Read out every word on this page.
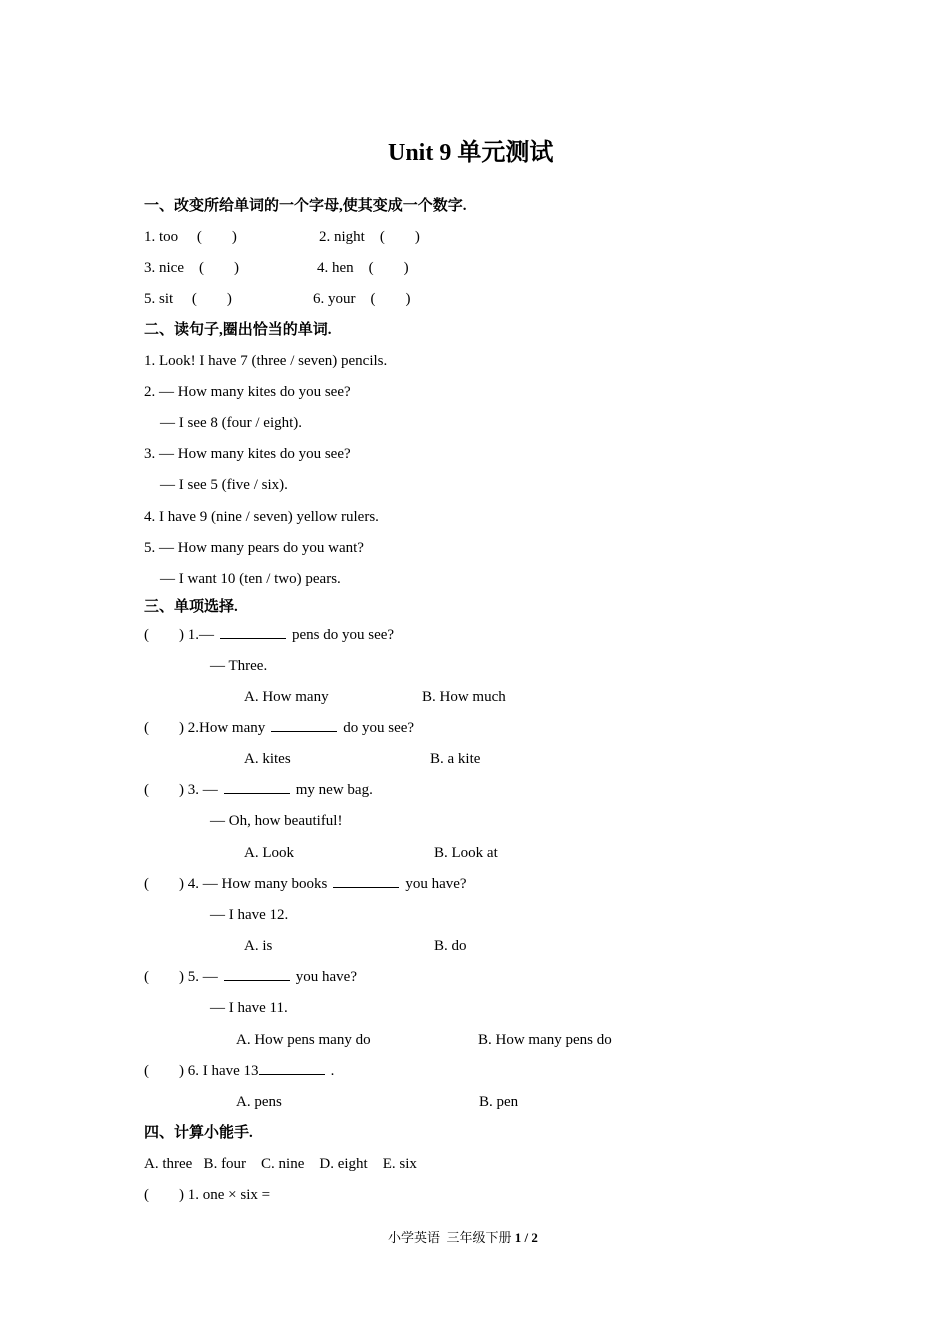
Unit 9 单元测试
一、改变所给单词的一个字母,使其变成一个数字.
1. too     (        )	2. night    (        )
3. nice    (        )	4. hen    (        )
5. sit     (        )	6. your    (        )
二、读句子,圈出恰当的单词.
1. Look! I have 7 (three / seven) pencils.
2. — How many kites do you see?
— I see 8 (four / eight).
3. — How many kites do you see?
— I see 5 (five / six).
4. I have 9 (nine / seven) yellow rulers.
5. — How many pears do you want?
— I want 10 (ten / two) pears.
三、单项选择.
(        ) 1.—	pens do you see?
— Three.
A. How many	B. How much
(        ) 2.How many	do you see?
A. kites	B. a kite
(        ) 3. —	my new bag.
— Oh, how beautiful!
A. Look	B. Look at
(        ) 4. — How many books	you have?
— I have 12.
A. is	B. do
(        ) 5. —	you have?
— I have 11.
A. How pens many do	B. How many pens do
(        ) 6. I have 13	.
A. pens	B. pen
四、计算小能手.
A. three   B. four    C. nine    D. eight    E. six
(        ) 1. one × six =
小学英语  三年级下册 1 / 2
